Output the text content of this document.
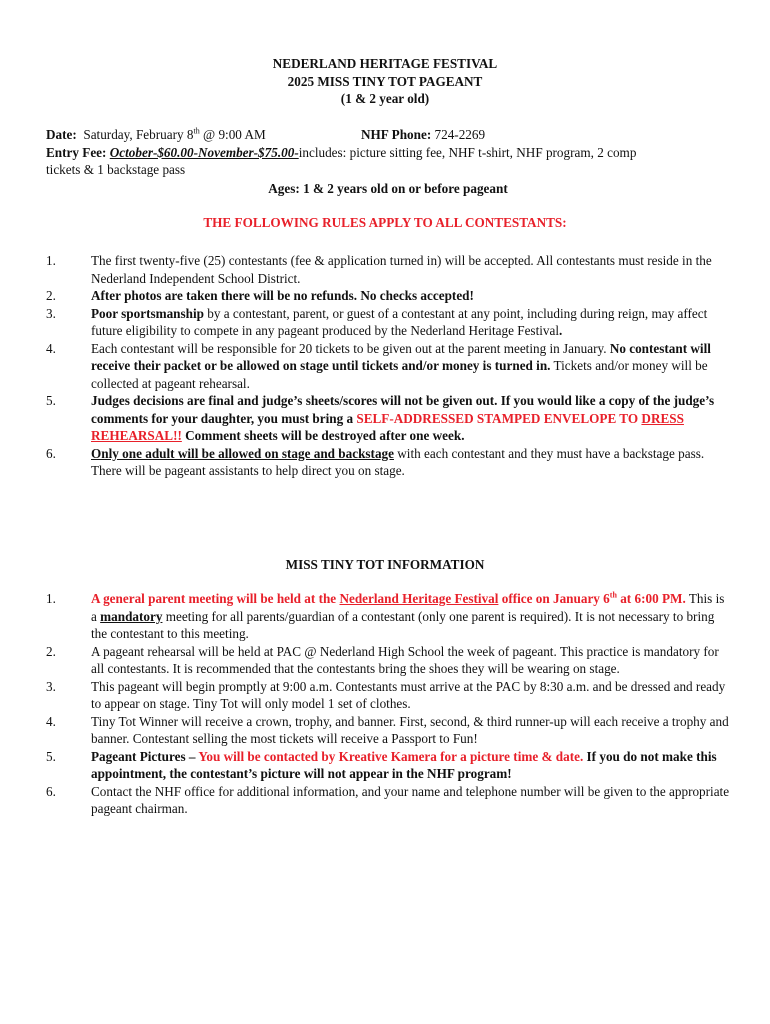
NEDERLAND HERITAGE FESTIVAL
2025 MISS TINY TOT PAGEANT
(1 & 2 year old)
Date: Saturday, February 8th @ 9:00 AM	NHF Phone: 724-2269
Entry Fee: October-$60.00-November-$75.00-includes: picture sitting fee, NHF t-shirt, NHF program, 2 comp
tickets & 1 backstage pass
Ages: 1 & 2 years old on or before pageant
THE FOLLOWING RULES APPLY TO ALL CONTESTANTS:
1.	The first twenty-five (25) contestants (fee & application turned in) will be accepted. All contestants must reside in the Nederland Independent School District.
2.	After photos are taken there will be no refunds. No checks accepted!
3.	Poor sportsmanship by a contestant, parent, or guest of a contestant at any point, including during reign, may affect future eligibility to compete in any pageant produced by the Nederland Heritage Festival.
4.	Each contestant will be responsible for 20 tickets to be given out at the parent meeting in January. No contestant will receive their packet or be allowed on stage until tickets and/or money is turned in. Tickets and/or money will be collected at pageant rehearsal.
5.	Judges decisions are final and judge’s sheets/scores will not be given out. If you would like a copy of the judge’s comments for your daughter, you must bring a SELF-ADDRESSED STAMPED ENVELOPE TO DRESS REHEARSAL!! Comment sheets will be destroyed after one week.
6.	Only one adult will be allowed on stage and backstage with each contestant and they must have a backstage pass. There will be pageant assistants to help direct you on stage.
MISS TINY TOT INFORMATION
1.	A general parent meeting will be held at the Nederland Heritage Festival office on January 6th at 6:00 PM. This is a mandatory meeting for all parents/guardian of a contestant (only one parent is required). It is not necessary to bring the contestant to this meeting.
2.	A pageant rehearsal will be held at PAC @ Nederland High School the week of pageant. This practice is mandatory for all contestants. It is recommended that the contestants bring the shoes they will be wearing on stage.
3.	This pageant will begin promptly at 9:00 a.m. Contestants must arrive at the PAC by 8:30 a.m. and be dressed and ready to appear on stage. Tiny Tot will only model 1 set of clothes.
4.	Tiny Tot Winner will receive a crown, trophy, and banner. First, second, & third runner-up will each receive a trophy and banner. Contestant selling the most tickets will receive a Passport to Fun!
5.	Pageant Pictures – You will be contacted by Kreative Kamera for a picture time & date. If you do not make this appointment, the contestant’s picture will not appear in the NHF program!
6.	Contact the NHF office for additional information, and your name and telephone number will be given to the appropriate pageant chairman.
